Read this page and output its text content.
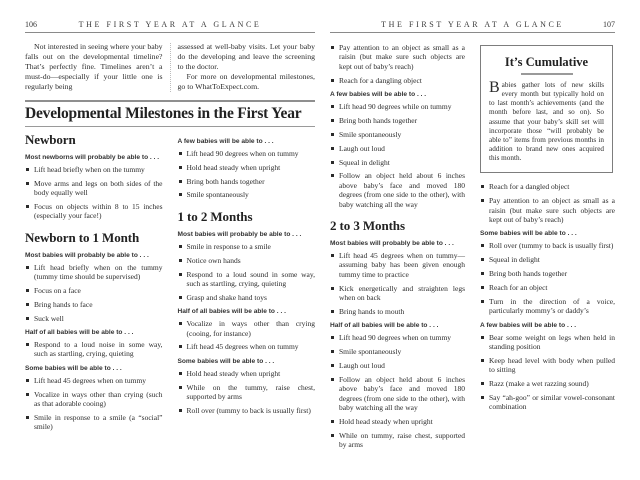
106	THE FIRST YEAR AT A GLANCE

Not interested in seeing where your baby falls out on the developmental timeline? That’s perfectly fine. Timelines aren’t a must-do—especially if your little one is regularly being

assessed at well-baby visits. Let your baby do the developing and leave the screening to the doctor.

For more on developmental milestones, go to WhatToExpect.com.

Developmental Milestones in the First Year
Newborn
Most newborns will probably be able to . . .
Lift head briefly when on the tummy
Move arms and legs on both sides of the body equally well
Focus on objects within 8 to 15 inches (especially your face!)
Newborn to 1 Month
Most babies will probably be able to . . .
Lift head briefly when on the tummy (tummy time should be supervised)
Focus on a face
Bring hands to face
Suck well
Half of all babies will be able to . . .
Respond to a loud noise in some way, such as startling, crying, quieting
Some babies will be able to . . .
Lift head 45 degrees when on tummy
Vocalize in ways other than crying (such as that adorable cooing)
Smile in response to a smile (a “social” smile)
A few babies will be able to . . .
Lift head 90 degrees when on tummy
Hold head steady when upright
Bring both hands together
Smile spontaneously
1 to 2 Months
Most babies will probably be able to . . .
Smile in response to a smile
Notice own hands
Respond to a loud sound in some way, such as startling, crying, quieting
Grasp and shake hand toys
Half of all babies will be able to . . .
Vocalize in ways other than crying (cooing, for instance)
Lift head 45 degrees when on tummy
Some babies will be able to . . .
Hold head steady when upright
While on the tummy, raise chest, supported by arms
Roll over (tummy to back is usually first)
THE FIRST YEAR AT A GLANCE	107
Pay attention to an object as small as a raisin (but make sure such objects are kept out of baby’s reach)
Reach for a dangling object
A few babies will be able to . . .
Lift head 90 degrees while on tummy
Bring both hands together
Smile spontaneously
Laugh out loud
Squeal in delight
Follow an object held about 6 inches above baby’s face and moved 180 degrees (from one side to the other), with baby watching all the way
2 to 3 Months
Most babies will probably be able to . . .
Lift head 45 degrees when on tummy—assuming baby has been given enough tummy time to practice
Kick energetically and straighten legs when on back
Bring hands to mouth
Half of all babies will be able to . . .
Lift head 90 degrees when on tummy
Smile spontaneously
Laugh out loud
Follow an object held about 6 inches above baby’s face and moved 180 degrees (from one side to the other), with baby watching all the way
Hold head steady when upright
While on tummy, raise chest, supported by arms
It’s Cumulative
Babies gather lots of new skills every month but typically hold on to last month’s achievements (and the month before last, and so on). So assume that your baby’s skill set will incorporate those “will probably be able to” items from previous months in addition to brand new ones acquired this month.
Reach for a dangled object
Pay attention to an object as small as a raisin (but make sure such objects are kept out of baby’s reach)
Some babies will be able to . . .
Roll over (tummy to back is usually first)
Squeal in delight
Bring both hands together
Reach for an object
Turn in the direction of a voice, particularly mommy’s or daddy’s
A few babies will be able to . . .
Bear some weight on legs when held in standing position
Keep head level with body when pulled to sitting
Razz (make a wet razzing sound)
Say “ah-goo” or similar vowel-consonant combination
